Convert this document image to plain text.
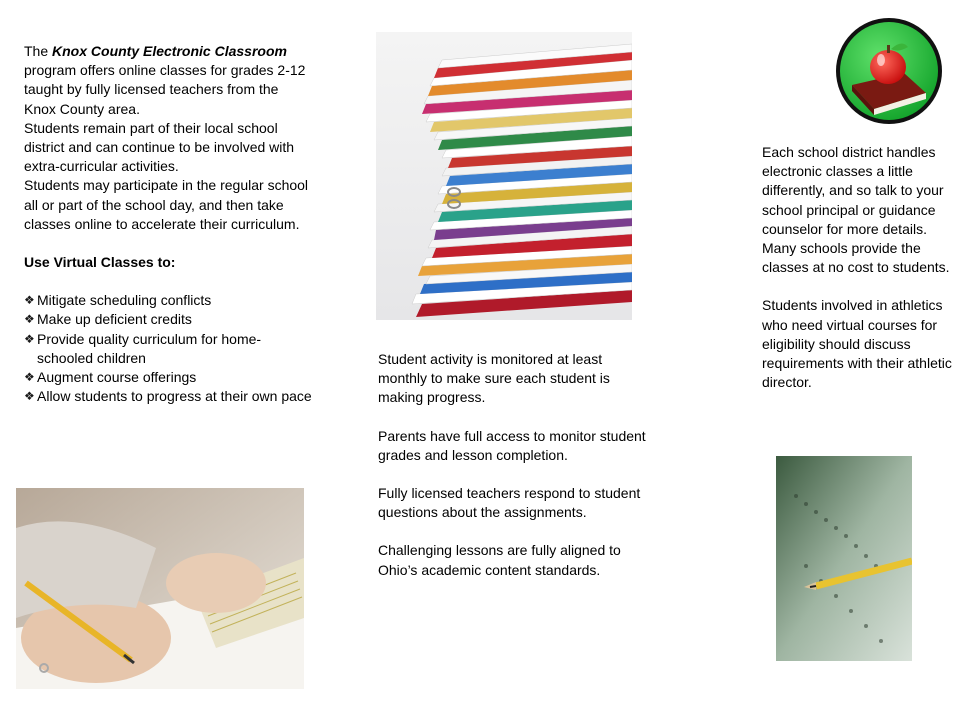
The Knox County Electronic Classroom program offers online classes for grades 2-12 taught by fully licensed teachers from the Knox County area.

Students remain part of their local school district and can continue to be involved with extra-curricular activities.

Students may participate in the regular school all or part of the school day, and then take classes online to accelerate their curriculum.

Use Virtual Classes to:

❖ Mitigate scheduling conflicts
❖ Make up deficient credits
❖ Provide quality curriculum for home-schooled children
❖ Augment course offerings
❖ Allow students to progress at their own pace

Student activity is monitored at least monthly to make sure each student is making progress.

Parents have full access to monitor student grades and lesson completion.

Fully licensed teachers respond to student questions about the assignments.

Challenging lessons are fully aligned to Ohio’s academic content standards.

Each school district handles electronic classes a little differently, and so talk to your school principal or guidance counselor for more details. Many schools provide the classes at no cost to students.

Students involved in athletics who need virtual courses for eligibility should discuss requirements with their athletic director.
